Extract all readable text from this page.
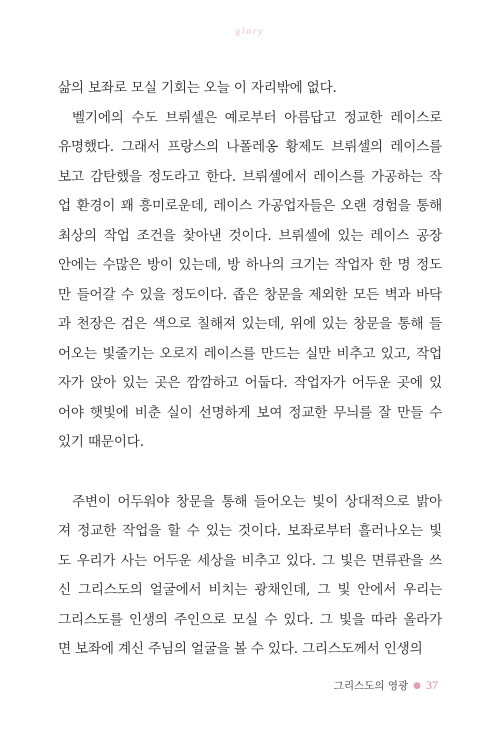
glory
삶의 보좌로 모실 기회는 오늘 이 자리밖에 없다.
벨기에의 수도 브뤼셀은 예로부터 아름답고 정교한 레이스로
유명했다. 그래서 프랑스의 나폴레옹 황제도 브뤼셀의 레이스를
보고 감탄했을 정도라고 한다. 브뤼셀에서 레이스를 가공하는 작
업 환경이 꽤 흥미로운데, 레이스 가공업자들은 오랜 경험을 통해
최상의 작업 조건을 찾아낸 것이다. 브뤼셀에 있는 레이스 공장
안에는 수많은 방이 있는데, 방 하나의 크기는 작업자 한 명 정도
만 들어갈 수 있을 정도이다. 좁은 창문을 제외한 모든 벽과 바닥
과 천장은 검은 색으로 칠해져 있는데, 위에 있는 창문을 통해 들
어오는 빛줄기는 오로지 레이스를 만드는 실만 비추고 있고, 작업
자가 앉아 있는 곳은 깜깜하고 어둡다. 작업자가 어두운 곳에 있
어야 햇빛에 비춘 실이 선명하게 보여 정교한 무늬를 잘 만들 수
있기 때문이다.
주변이 어두워야 창문을 통해 들어오는 빛이 상대적으로 밝아
져 정교한 작업을 할 수 있는 것이다. 보좌로부터 흘러나오는 빛
도 우리가 사는 어두운 세상을 비추고 있다. 그 빛은 면류관을 쓰
신 그리스도의 얼굴에서 비치는 광채인데, 그 빛 안에서 우리는
그리스도를 인생의 주인으로 모실 수 있다. 그 빛을 따라 올라가
면 보좌에 계신 주님의 얼굴을 볼 수 있다. 그리스도께서 인생의
그리스도의 영광 ● 37
